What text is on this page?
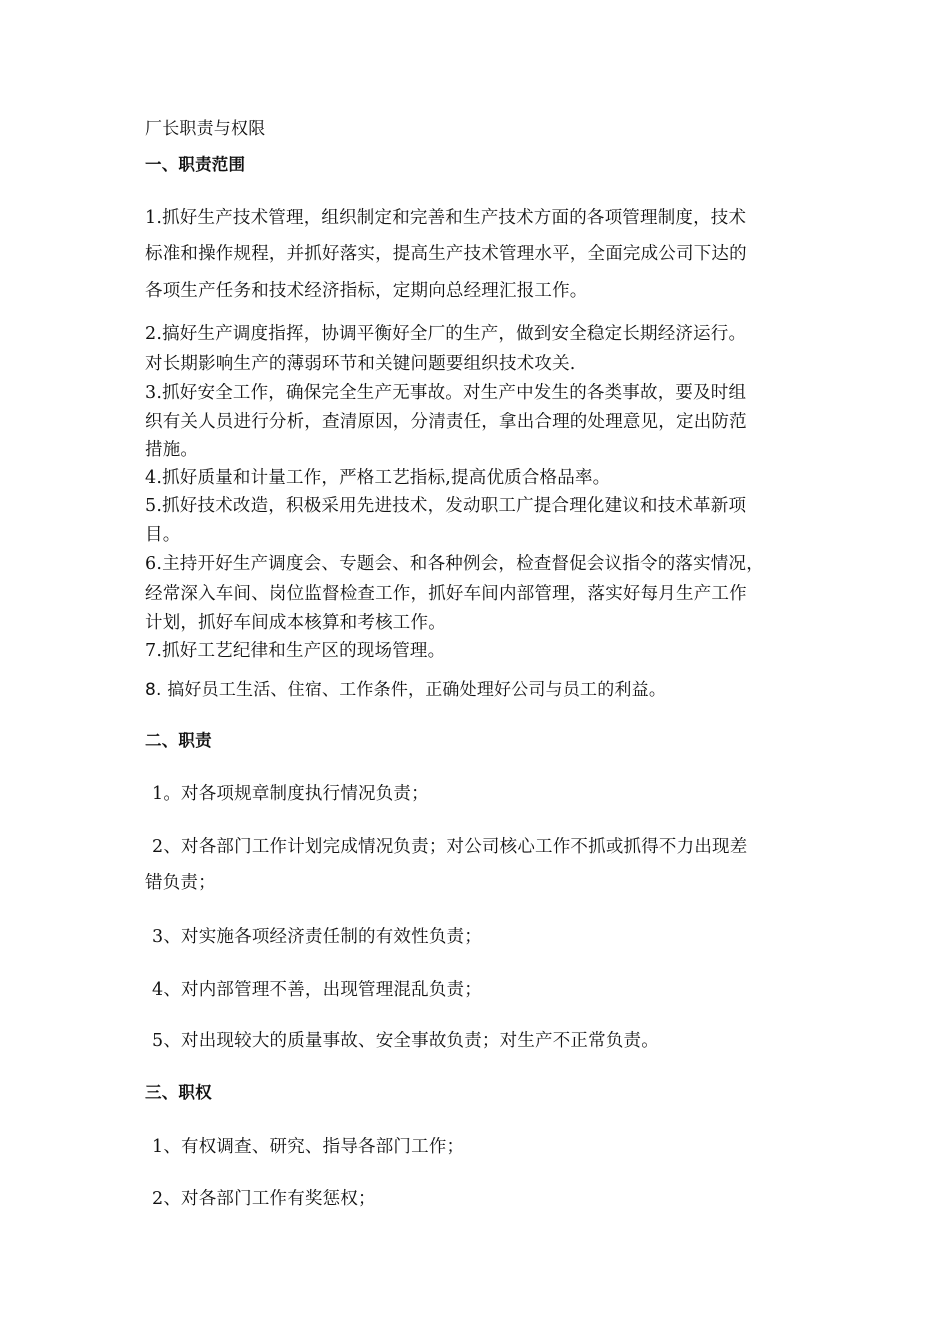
厂长职责与权限
一、职责范围
1.抓好生产技术管理，组织制定和完善和生产技术方面的各项管理制度，技术
标准和操作规程，并抓好落实，提高生产技术管理水平，全面完成公司下达的
各项生产任务和技术经济指标，定期向总经理汇报工作。
2.搞好生产调度指挥，协调平衡好全厂的生产，做到安全稳定长期经济运行。
对长期影响生产的薄弱环节和关键问题要组织技术攻关.
3.抓好安全工作，确保完全生产无事故。对生产中发生的各类事故，要及时组
织有关人员进行分析，查清原因，分清责任，拿出合理的处理意见，定出防范
措施。
4.抓好质量和计量工作，严格工艺指标,提高优质合格品率。
5.抓好技术改造，积极采用先进技术，发动职工广提合理化建议和技术革新项
目。
6.主持开好生产调度会、专题会、和各种例会，检查督促会议指令的落实情况，
经常深入车间、岗位监督检查工作，抓好车间内部管理，落实好每月生产工作
计划，抓好车间成本核算和考核工作。
7.抓好工艺纪律和生产区的现场管理。
8. 搞好员工生活、住宿、工作条件，正确处理好公司与员工的利益。
二、职责
1。对各项规章制度执行情况负责；
2、对各部门工作计划完成情况负责；对公司核心工作不抓或抓得不力出现差
错负责；
3、对实施各项经济责任制的有效性负责；
4、对内部管理不善，出现管理混乱负责；
5、对出现较大的质量事故、安全事故负责；对生产不正常负责。
三、职权
1、有权调查、研究、指导各部门工作；
2、对各部门工作有奖惩权；
